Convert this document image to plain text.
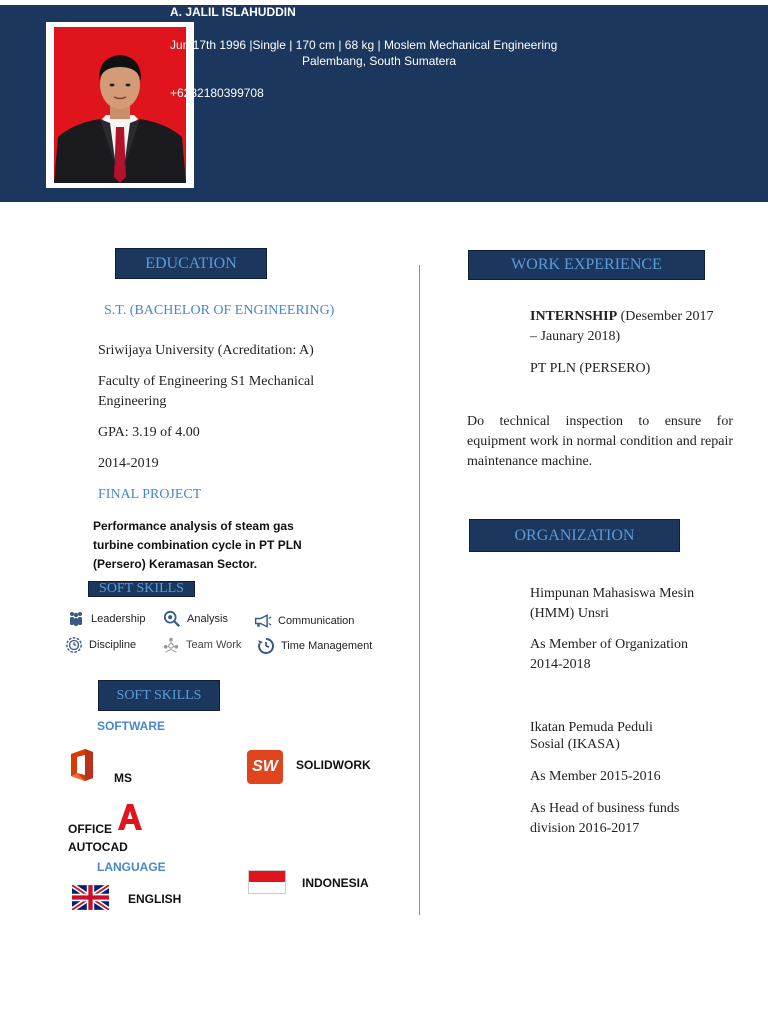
A. JALIL ISLAHUDDIN
Jun 17th 1996 |Single | 170 cm | 68 kg | Moslem Mechanical Engineering
Palembang, South Sumatera
+6282180399708
EDUCATION
S.T. (BACHELOR OF ENGINEERING)
Sriwijaya University (Acreditation: A)
Faculty of Engineering S1 Mechanical Engineering
GPA: 3.19 of 4.00
2014-2019
FINAL PROJECT
Performance analysis of steam gas turbine combination cycle in PT PLN (Persero) Keramasan Sector.
SOFT SKILLS
Leadership	Analysis	Communication
Discipline	Team Work	Time Management
SOFT SKILLS
SOFTWARE
MS
OFFICE
AUTOCAD
SW SOLIDWORK
LANGUAGE
ENGLISH
INDONESIA
WORK EXPERIENCE
INTERNSHIP (Desember 2017 – Jaunary 2018)
PT PLN (PERSERO)
Do technical inspection to ensure for equipment work in normal condition and repair maintenance machine.
ORGANIZATION
Himpunan Mahasiswa Mesin (HMM) Unsri
As Member of Organization 2014-2018
Ikatan Pemuda Peduli Sosial (IKASA)
As Member 2015-2016
As Head of business funds division 2016-2017
